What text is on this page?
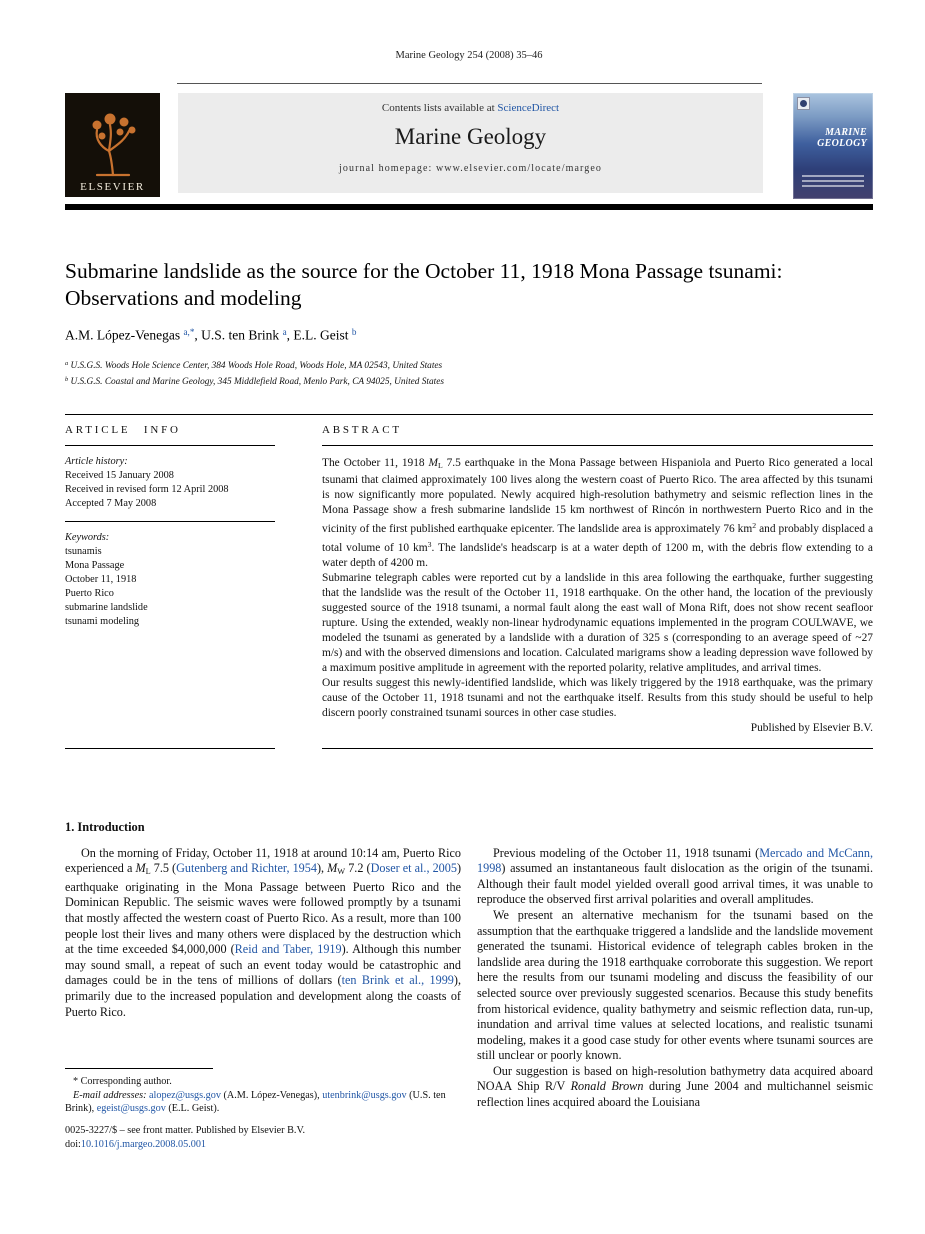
Marine Geology 254 (2008) 35–46
ELSEVIER
Contents lists available at ScienceDirect
Marine Geology
journal homepage: www.elsevier.com/locate/margeo
MARINE GEOLOGY
Submarine landslide as the source for the October 11, 1918 Mona Passage tsunami: Observations and modeling
A.M. López-Venegas $^{a,*}$, U.S. ten Brink $^a$, E.L. Geist $^b$
$^a$ U.S.G.S. Woods Hole Science Center, 384 Woods Hole Road, Woods Hole, MA 02543, United States
$^b$ U.S.G.S. Coastal and Marine Geology, 345 Middlefield Road, Menlo Park, CA 94025, United States
ARTICLE INFO
Article history:
Received 15 January 2008
Received in revised form 12 April 2008
Accepted 7 May 2008
Keywords:
tsunamis
Mona Passage
October 11, 1918
Puerto Rico
submarine landslide
tsunami modeling
ABSTRACT

The October 11, 1918 ML 7.5 earthquake in the Mona Passage between Hispaniola and Puerto Rico generated a local tsunami that claimed approximately 100 lives along the western coast of Puerto Rico. The area affected by this tsunami is now significantly more populated. Newly acquired high-resolution bathymetry and seismic reflection lines in the Mona Passage show a fresh submarine landslide 15 km northwest of Rincón in northwestern Puerto Rico and in the vicinity of the first published earthquake epicenter. The landslide area is approximately 76 $km^2$ and probably displaced a total volume of 10 $km^3$. The landslide's headscarp is at a water depth of 1200 m, with the debris flow extending to a water depth of 4200 m.

Submarine telegraph cables were reported cut by a landslide in this area following the earthquake, further suggesting that the landslide was the result of the October 11, 1918 earthquake. On the other hand, the location of the previously suggested source of the 1918 tsunami, a normal fault along the east wall of Mona Rift, does not show recent seafloor rupture. Using the extended, weakly non-linear hydrodynamic equations implemented in the program COULWAVE, we modeled the tsunami as generated by a landslide with a duration of 325 s (corresponding to an average speed of ~27 m/s) and with the observed dimensions and location. Calculated marigrams show a leading depression wave followed by a maximum positive amplitude in agreement with the reported polarity, relative amplitudes, and arrival times.

Our results suggest this newly-identified landslide, which was likely triggered by the 1918 earthquake, was the primary cause of the October 11, 1918 tsunami and not the earthquake itself. Results from this study should be useful to help discern poorly constrained tsunami sources in other case studies.

Published by Elsevier B.V.
1. Introduction

On the morning of Friday, October 11, 1918 at around 10:14 am, Puerto Rico experienced a ML 7.5 (Gutenberg and Richter, 1954), MW 7.2 (Doser et al., 2005) earthquake originating in the Mona Passage between Puerto Rico and the Dominican Republic. The seismic waves were followed promptly by a tsunami that mostly affected the western coast of Puerto Rico. As a result, more than 100 people lost their lives and many others were displaced by the destruction which at the time exceeded $4,000,000 (Reid and Taber, 1919). Although this number may sound small, a repeat of such an event today would be catastrophic and damages could be in the tens of millions of dollars (ten Brink et al., 1999), primarily due to the increased population and development along the coasts of Puerto Rico.

* Corresponding author.
E-mail addresses: alopez@usgs.gov (A.M. López-Venegas), utenbrink@usgs.gov (U.S. ten Brink), egeist@usgs.gov (E.L. Geist).

Previous modeling of the October 11, 1918 tsunami (Mercado and McCann, 1998) assumed an instantaneous fault dislocation as the origin of the tsunami. Although their fault model yielded overall good arrival times, it was unable to reproduce the observed first arrival polarities and overall amplitudes.

We present an alternative mechanism for the tsunami based on the assumption that the earthquake triggered a landslide and the landslide movement generated the tsunami. Historical evidence of telegraph cables broken in the landslide area during the 1918 earthquake corroborate this suggestion. We report here the results from our tsunami modeling and discuss the feasibility of our selected source over previously suggested scenarios. Because this study benefits from historical evidence, quality bathymetry and seismic reflection data, run-up, inundation and arrival time values at selected locations, and realistic tsunami modeling, makes it a good case study for other events where tsunami sources are still unclear or poorly known.

Our suggestion is based on high-resolution bathymetry data acquired aboard NOAA Ship R/V Ronald Brown during June 2004 and multichannel seismic reflection lines acquired aboard the Louisiana

0025-3227/$ – see front matter. Published by Elsevier B.V.
doi:10.1016/j.margeo.2008.05.001
